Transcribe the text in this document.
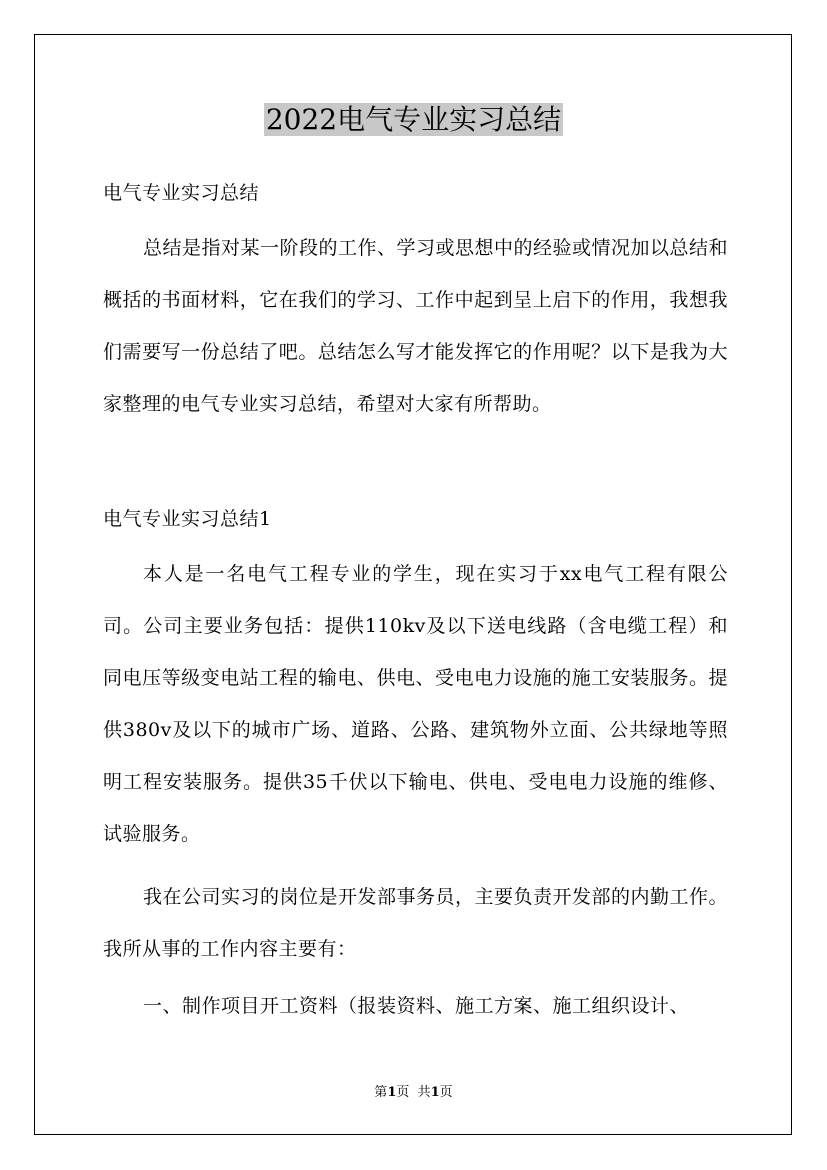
2022电气专业实习总结

电气专业实习总结

总结是指对某一阶段的工作、学习或思想中的经验或情况加以总结和概括的书面材料，它在我们的学习、工作中起到呈上启下的作用，我想我们需要写一份总结了吧。总结怎么写才能发挥它的作用呢？以下是我为大家整理的电气专业实习总结，希望对大家有所帮助。

电气专业实习总结1

本人是一名电气工程专业的学生，现在实习于xx电气工程有限公司。公司主要业务包括：提供110kv及以下送电线路（含电缆工程）和同电压等级变电站工程的输电、供电、受电电力设施的施工安装服务。提供380v及以下的城市广场、道路、公路、建筑物外立面、公共绿地等照明工程安装服务。提供35千伏以下输电、供电、受电电力设施的维修、试验服务。

我在公司实习的岗位是开发部事务员，主要负责开发部的内勤工作。我所从事的工作内容主要有：

一、制作项目开工资料（报装资料、施工方案、施工组织设计、

第1页  共1页
